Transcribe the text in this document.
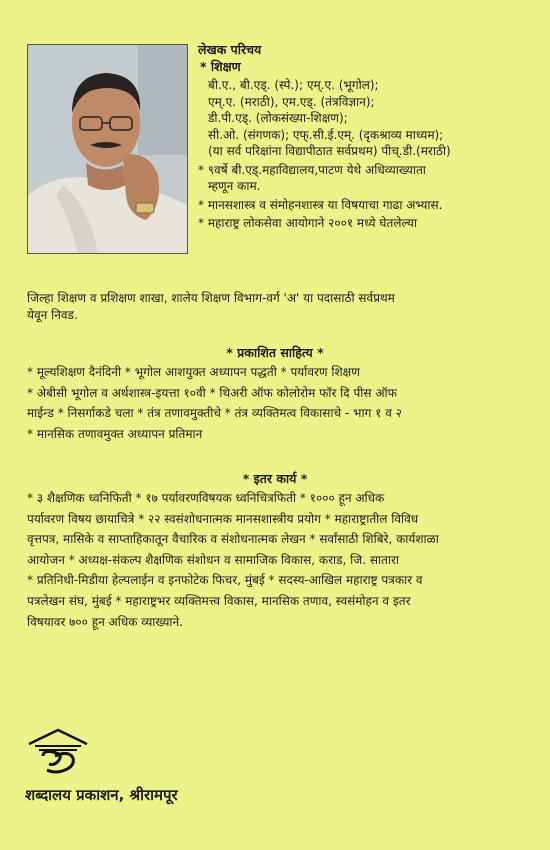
लेखक परिचय
* शिक्षण
बी.ए., बी.एड्. (स्पे.); एम्.ए. (भूगोल);
एम्.ए. (मराठी), एम.एड्. (तंत्रविज्ञान);
डी.पी.एड्. (लोकसंख्या-शिक्षण);
सी.ओ. (संगणक); एफ्.सी.ई.एम्. (दृकश्राव्य माध्यम);
(या सर्व परिक्षांना विद्यापीठात सर्वप्रथम) पीच्.डी.(मराठी)
* ९वर्षे बी.एड्.महाविद्यालय,पाटण येथे अधिव्याख्याता
म्हणून काम.
* मानसशास्त्र व संमोहनशास्त्र या विषयाचा गाढा अभ्यास.
* महाराष्ट्र लोकसेवा आयोगाने २००१ मध्ये घेतलेल्या
जिल्हा शिक्षण व प्रशिक्षण शाखा, शालेय शिक्षण विभाग-वर्ग 'अ' या पदासाठी सर्वप्रथम
येवून निवड.
* प्रकाशित साहित्य *
* मूल्यशिक्षण दैनंदिनी * भूगोल आशयुक्त अध्यापन पद्धती * पर्यावरण शिक्षण
* अेबीसी भूगोल व अर्थशास्त्र-इयत्ता १०वी * थिअरी ऑफ कोलोरोम फॉर दि पीस ऑफ
माईन्ड * निसर्गाकडे चला * तंत्र तणावमुक्तीचे * तंत्र व्यक्तिमत्व विकासाचे - भाग १ व २
* मानसिक तणावमुक्त अध्यापन प्रतिमान
* इतर कार्य *
* ३ शैक्षणिक ध्वनिफिती * १७ पर्यावरणविषयक ध्वनिचित्रफिती * १००० हून अधिक
पर्यावरण विषय छायाचित्रे * २२ स्वसंशोधनात्मक मानसशास्त्रीय प्रयोग * महाराष्ट्रातील विविध
वृत्तपत्र, मासिके व साप्ताहिकातून वैचारिक व संशोधनात्मक लेखन * सर्वांसाठी शिबिरे, कार्यशाळा
आयोजन * अध्यक्ष-संकल्प शैक्षणिक संशोधन व सामाजिक विकास, कराड, जि. सातारा
* प्रतिनिधी-मिडीया हेल्पलाईन व इनफोटेक फिचर, मुंबई * सदस्य-आखिल महाराष्ट्र पत्रकार व
पत्रलेखन संघ, मुंबई * महाराष्ट्रभर व्यक्तिमत्त्व विकास, मानसिक तणाव, स्वसंमोहन व इतर
विषयावर ७०० हून अधिक व्याख्याने.
शब्दालय प्रकाशन, श्रीरामपूर
